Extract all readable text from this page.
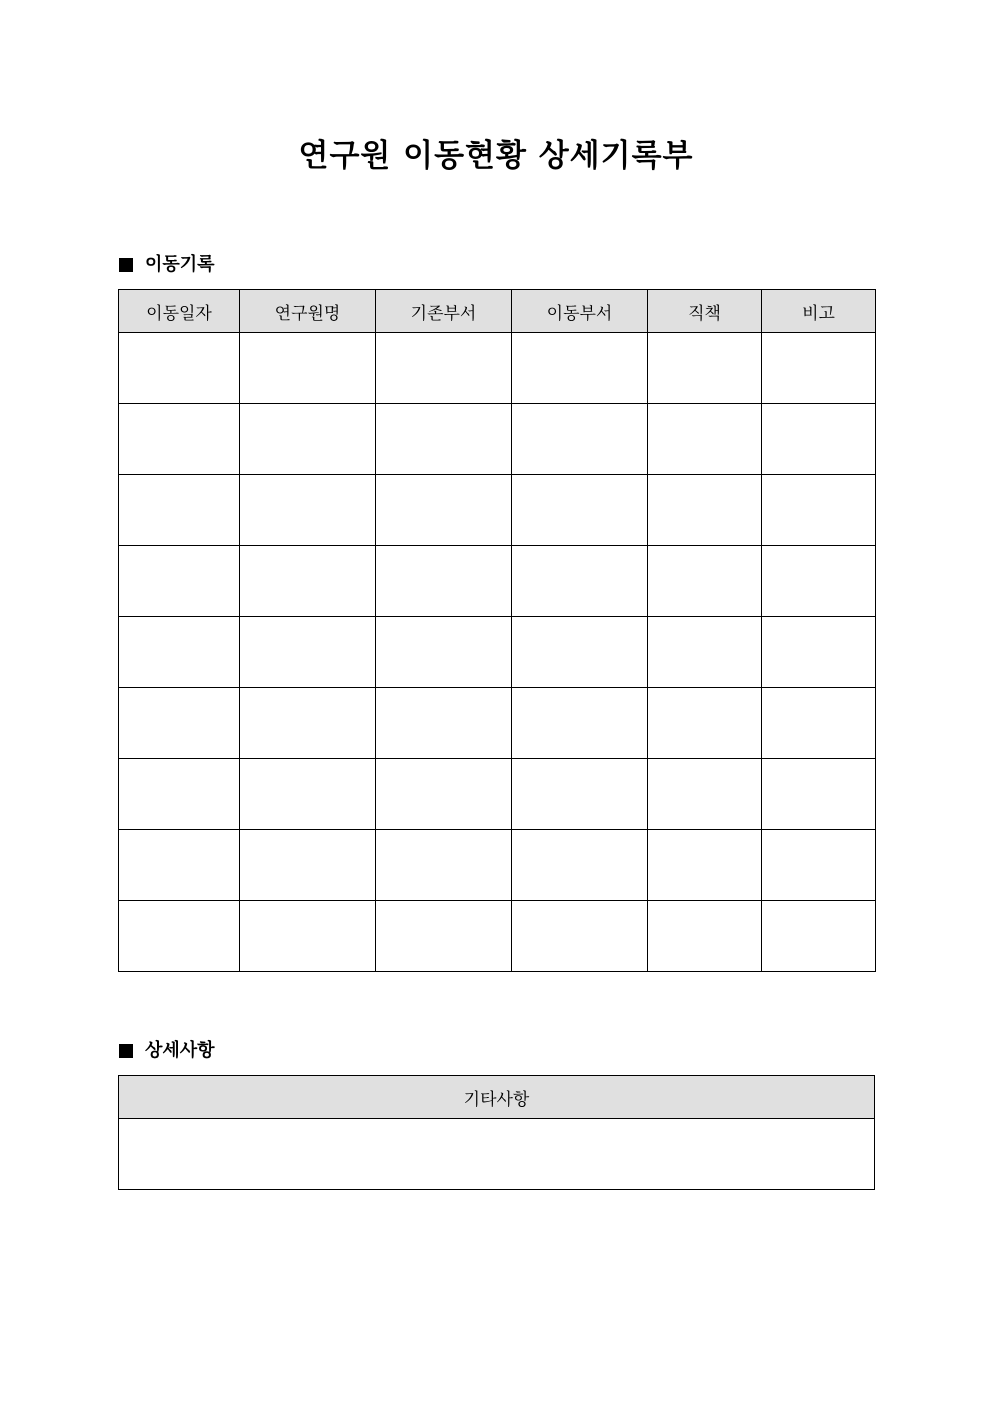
연구원 이동현황 상세기록부
이동기록
이동일자	연구원명	기존부서	이동부서	직책	비고

상세사항
기타사항
